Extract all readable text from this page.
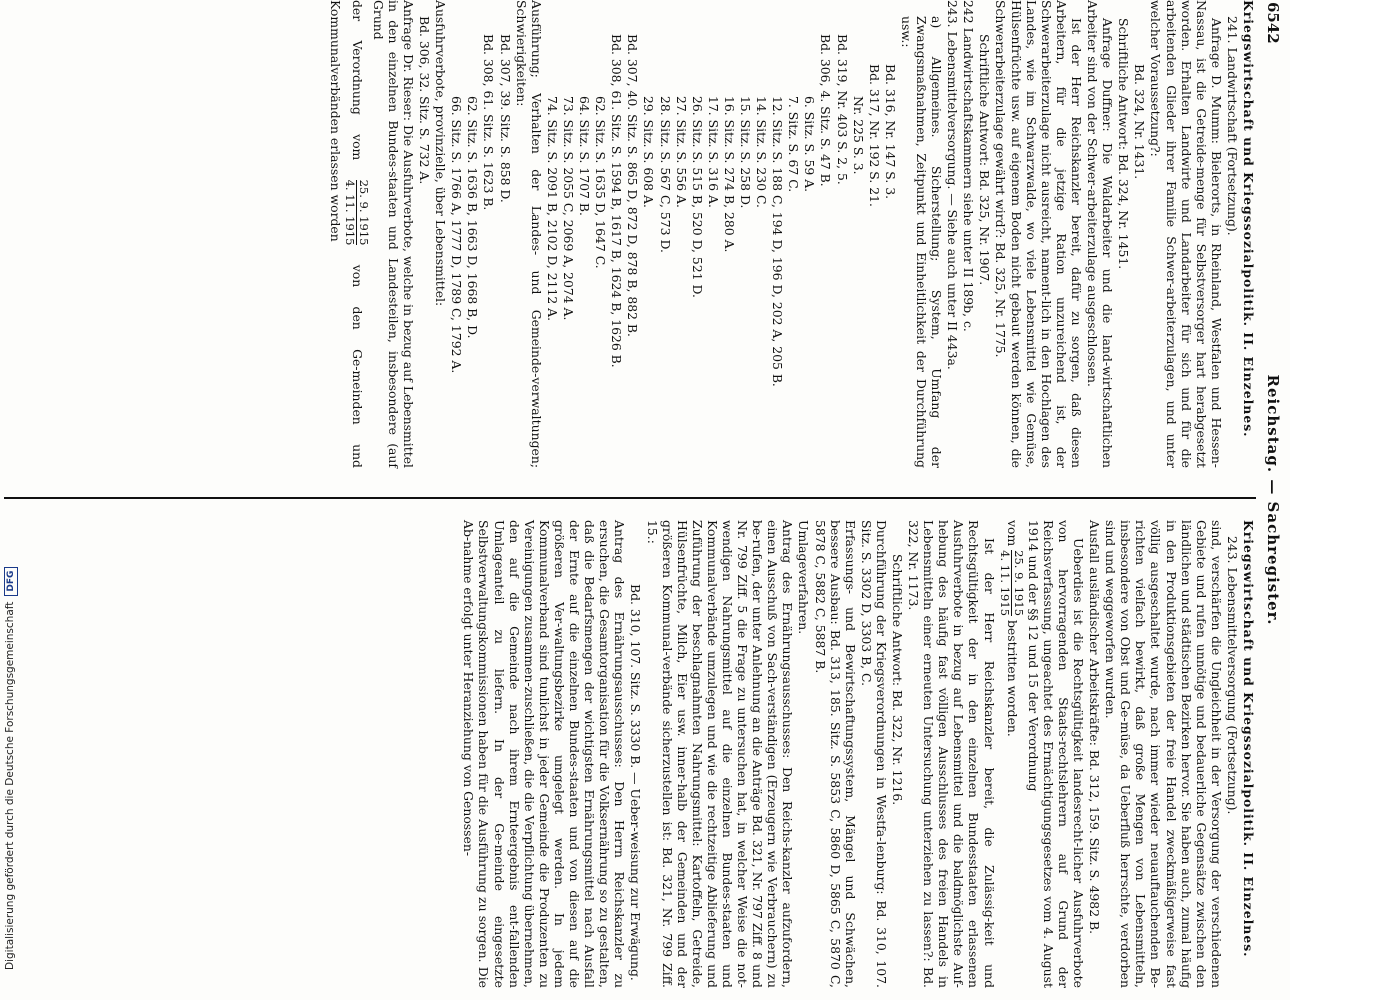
6542
Reichstag. — Sachregister.

Kriegswirtschaft und Kriegssozialpolitik. II. Einzelnes.

241. Landwirtschaft (Fortsetzung).

Anfrage D. Mumm: Bielerorts, in Rheinland, Westfalen und Hessen-Nassau, ist die Getreide-menge für Selbstversorger hart herabgesetzt worden. Erhalten Landwirte und Landarbeiter für sich und für die arbeitenden Glieder ihrer Familie Schwer-arbeiterzulagen, und unter welcher Voraussetzung?:

Bd. 324, Nr. 1431.

Schriftliche Antwort: Bd. 324, Nr. 1451.

Anfrage Duffner: Die Waldarbeiter und die land-wirtschaftlichen Arbeiter sind von der Schwer-arbeiterzulage ausgeschlossen.

Ist der Herr Reichskanzler bereit, dafür zu sorgen, daß diesen Arbeitern, für die jetzige Ration unzureichend ist, der Schwerarbeiterzulage nicht ausreicht, nament-lich in den Hochlagen des Landes, wie im Schwarzwalde, wo viele Lebensmittel wie Gemüse, Hülsenfrüchte usw. auf eigenem Boden nicht gebaut werden können, die Schwerarbeiterzulage gewährt wird?: Bd. 325, Nr. 1775.

Schriftliche Antwort: Bd. 325, Nr. 1907.

242 Landwirtschaftskammern siehe unter II 189b, c.

243. Lebensmittelversorgung. — Siehe auch unter II 443a.

a) Allgemeines. Sicherstellung; System, Umfang der Zwangsmaßnahmen, Zeitpunkt und Einheitlichkeit der Durchführung usw.:

Bd. 316, Nr. 147 S. 3.

Bd. 317, Nr. 192 S. 21.

Nr. 225 S. 3.

Bd. 319, Nr. 403 S. 2, 5.

Bd. 306, 4. Sitz. S. 47 B.

6. Sitz. S. 59 A.

7. Sitz. S. 67 C.

12. Sitz. S. 188 C, 194 D, 196 D, 202 A, 205 B.

14. Sitz. S. 230 C.

15. Sitz. S. 258 D.

16. Sitz. S. 274 B, 280 A.

17. Sitz. S. 316 A.

26. Sitz. S. 515 B, 520 D, 521 D.

27. Sitz. S. 556 A.

28. Sitz. S. 567 C, 573 D.

29. Sitz. S. 608 A.

Bd. 307, 40. Sitz. S. 865 D, 872 D, 878 B, 882 B.

Bd. 308, 61. Sitz. S. 1594 B, 1617 B, 1624 B, 1626 B.

62. Sitz. S. 1635 D, 1647 C.

64. Sitz. S. 1707 B.

73. Sitz. S. 2055 C, 2069 A, 2074 A.

74. Sitz. S. 2091 B, 2102 D, 2112 A.

Ausführung; Verhalten der Landes- und Gemeinde-verwaltungen; Schwierigkeiten:

Bd. 307, 39. Sitz. S. 858 D.

Bd. 308, 61. Sitz. S. 1623 B.

62. Sitz. S. 1636 B, 1663 D, 1668 B, D.

66. Sitz. S. 1766 A, 1777 D, 1789 C, 1792 A.

Ausfuhrverbote, provinzielle, über Lebensmittel:

Bd. 306, 32. Sitz. S. 732 A.

Anfrage Dr. Rieser: Die Ausfuhrverbote, welche in bezug auf Lebensmittel in den einzelnen Bundes-staaten und Landesteilen, insbesondere (auf Grund

der Verordnung vom
25. 9. 1915
4. 11. 1915
von den Ge-meinden und Kommunalverbänden erlassen worden

Kriegswirtschaft und Kriegssozialpolitik. II. Einzelnes.

243. Lebensmittelversorgung (Fortsetzung).

sind, verschärfen die Ungleichheit in der Versorgung der verschiedenen Gebiete und rufen unnötige und bedauerliche Gegensätze zwischen den ländlichen und städtischen Bezirken hervor. Sie haben auch, zumal häufig in den Produktionsgebieten der freie Handel zweckmäßigerweise fast völlig ausgeschaltet wurde, nach immer wieder neuauftauchenden Be-richten vielfach bewirkt, daß große Mengen von Lebensmitteln, insbesondere von Obst und Ge-müse, da Ueberfluß herrschte, verdorben sind und weggeworfen wurden.

Ausfall ausländischer Arbeitskräfte: Bd. 312, 159. Sitz. S. 4982 B.

Ueberdies ist die Rechtsgültigkeit landesrecht-licher Ausfuhrverbote von hervorragenden Staats-rechtslehrern auf Grund der Reichsverfassung, ungeachtet des Ermächtigungsgesetzes vom 4. August 1914 und der §§ 12 und 15 der Verordnung

vom
25. 9. 1915
4. 11. 1915
bestritten worden.

Ist der Herr Reichskanzler bereit, die Zulässig-keit und Rechtsgültigkeit der in den einzelnen Bundesstaaten erlassenen Ausfuhrverbote in bezug auf Lebensmittel und die baldmöglichste Auf-hebung des häufig fast völligen Ausschlusses des freien Handels in Lebensmitteln einer erneuten Untersuchung unterziehen zu lassen?: Bd. 322, Nr. 1173.

Schriftliche Antwort: Bd. 322, Nr. 1216.

Durchführung der Kriegsverordnungen in Westfa-lenburg: Bd. 310, 107. Sitz. S. 3302 D, 3303 B, C.

Erfassungs- und Bewirtschaftungssystem, Mängel und Schwächen, bessere Ausbau: Bd. 313, 185. Sitz. S. 5853 C, 5860 D, 5865 C, 5870 C, 5878 C, 5882 C, 5887 B.

Umlageverfahren.

Antrag des Ernährungsausschusses: Den Reichs-kanzler aufzufordern, einen Ausschuß von Sach-verständigen (Erzeugern wie Verbrauchern) zu be-rufen, der unter Anlehnung an die Anträge Bd. 321, Nr. 797 Ziff. 8 und Nr. 799 Ziff. 5 die Frage zu untersuchen hat, in welcher Weise die not-wendigen Nahrungsmittel auf die einzelnen Bundes-staaten und Kommunalverbände umzulegen und wie die rechtzeitige Ablieferung und Zuführung der beschlagnahmten Nahrungsmittel: Kartoffeln, Getreide, Hülsenfrüchte, Milch, Eier usw. inner-halb der Gemeinden und der größeren Kommunal-verbände sicherzustellen ist: Bd. 321, Nr. 799 Ziff. 15.:

Bd. 310, 107. Sitz. S. 3330 B. — Ueber-weisung zur Erwägung.

Antrag des Ernährungsausschusses: Den Herrn Reichskanzler zu ersuchen, die Gesamtorganisation für die Volksernährung so zu gestalten, daß die Bedarfsmengen der wichtigsten Ernährungsmittel nach Ausfall der Ernte auf die einzelnen Bundes-staaten und von diesen auf die größeren Ver-waltungsbezirke umgelegt werden. In jedem Kommunalverband sind tunlichst in jeder Gemeinde die Produzenten zu Vereinigungen zusammen-zuschließen, die die Verpflichtung übernehmen, den auf die Gemeinde nach ihrem Ernteergebnis ent-fallenden Umlageanteil zu liefern. In der Ge-meinde eingesetzte Selbstverwaltungskommissionen haben für die Ausführung zu sorgen. Die Ab-nahme erfolgt unter Heranziehung von Genossen-

Digitalisierung gefördert durch die Deutsche ForschungsgemeinschaftDFG
